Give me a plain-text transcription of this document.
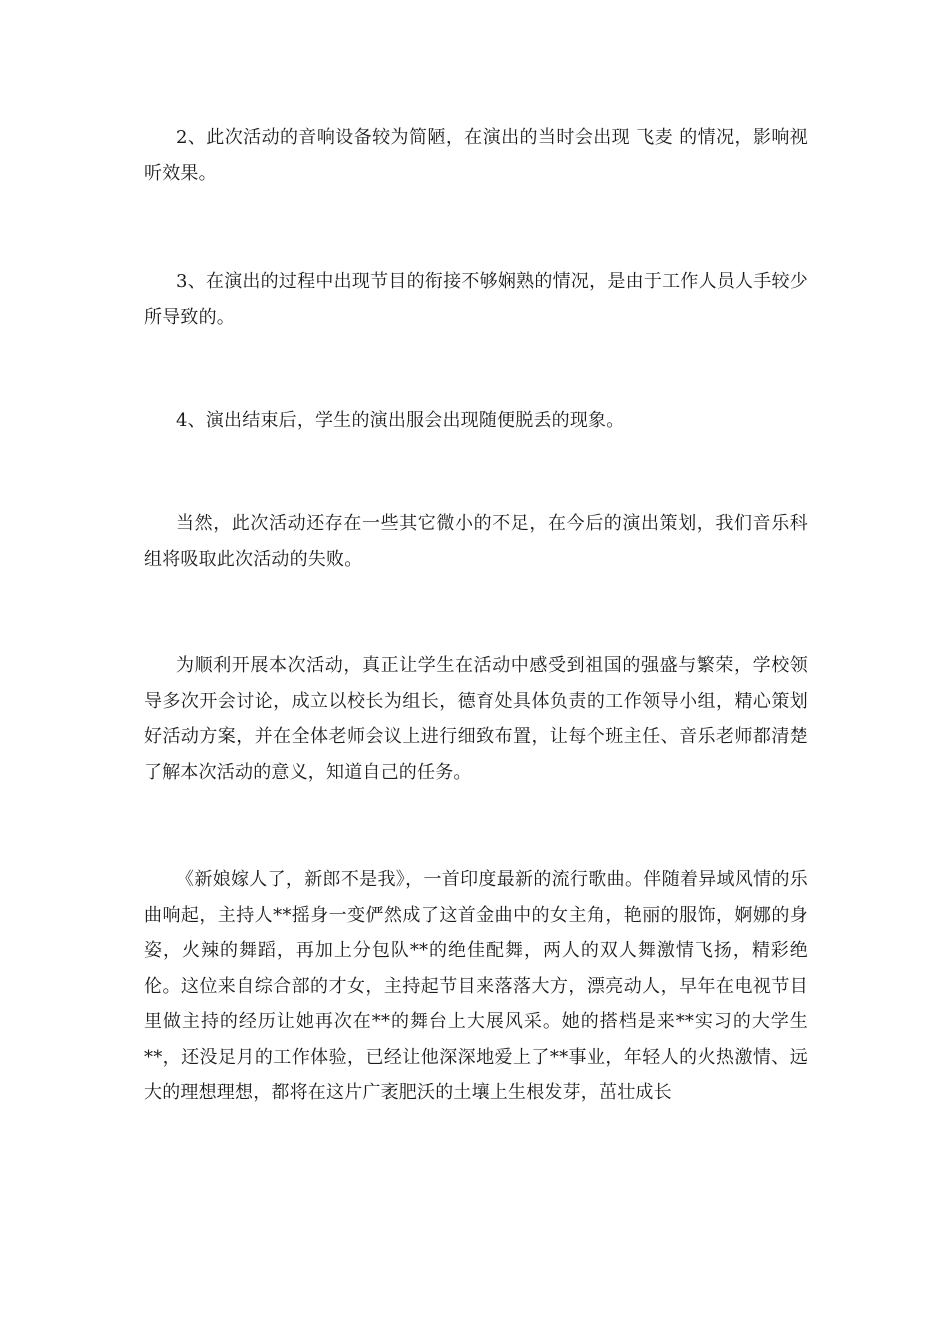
2、此次活动的音响设备较为简陋，在演出的当时会出现 飞麦 的情况，影响视听效果。

3、在演出的过程中出现节目的衔接不够娴熟的情况，是由于工作人员人手较少所导致的。

4、演出结束后，学生的演出服会出现随便脱丢的现象。

当然，此次活动还存在一些其它微小的不足，在今后的演出策划，我们音乐科组将吸取此次活动的失败。

为顺利开展本次活动，真正让学生在活动中感受到祖国的强盛与繁荣，学校领导多次开会讨论，成立以校长为组长，德育处具体负责的工作领导小组，精心策划好活动方案，并在全体老师会议上进行细致布置，让每个班主任、音乐老师都清楚了解本次活动的意义，知道自己的任务。

《新娘嫁人了，新郎不是我》，一首印度最新的流行歌曲。伴随着异域风情的乐曲响起，主持人**摇身一变俨然成了这首金曲中的女主角，艳丽的服饰，婀娜的身姿，火辣的舞蹈，再加上分包队**的绝佳配舞，两人的双人舞激情飞扬，精彩绝伦。这位来自综合部的才女，主持起节目来落落大方，漂亮动人，早年在电视节目里做主持的经历让她再次在**的舞台上大展风采。她的搭档是来**实习的大学生**，还没足月的工作体验，已经让他深深地爱上了**事业，年轻人的火热激情、远大的理想理想，都将在这片广袤肥沃的土壤上生根发芽，茁壮成长
